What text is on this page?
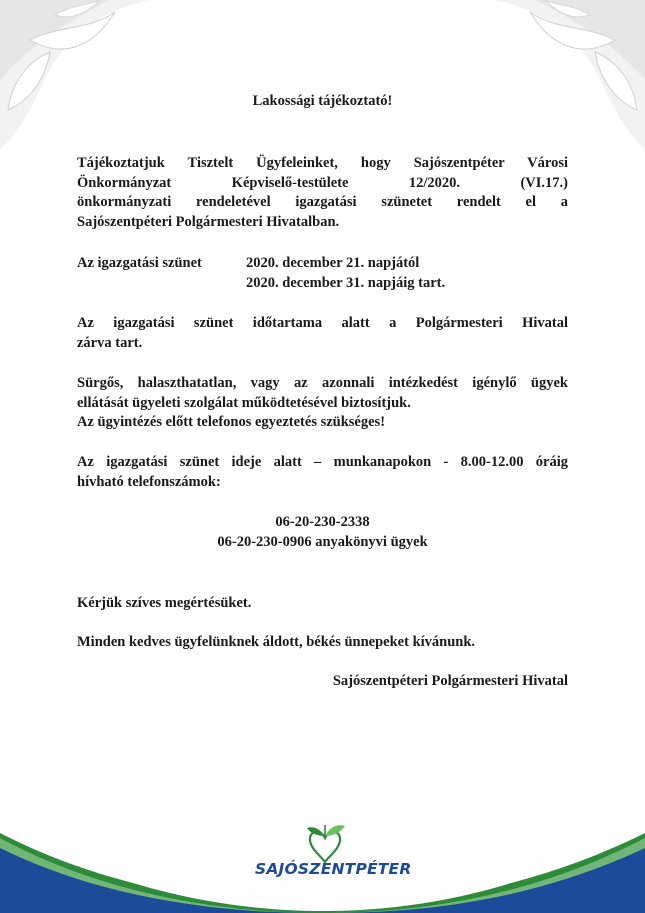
Lakossági tájékoztató!
Tájékoztatjuk Tisztelt Ügyfeleinket, hogy Sajószentpéter Városi
Önkormányzat Képviselő-testülete 12/2020. (VI.17.)
önkormányzati rendeletével igazgatási szünetet rendelt el a
Sajószentpéteri Polgármesteri Hivatalban.
Az igazgatási szünet	2020. december 21. napjától
2020. december 31. napjáig tart.
Az igazgatási szünet időtartama alatt a Polgármesteri Hivatal
zárva tart.
Sürgős, halaszthatatlan, vagy az azonnali intézkedést igénylő ügyek
ellátását ügyeleti szolgálat működtetésével biztosítjuk.
Az ügyintézés előtt telefonos egyeztetés szükséges!
Az igazgatási szünet ideje alatt – munkanapokon - 8.00-12.00 óráig
hívható telefonszámok:
06-20-230-2338
06-20-230-0906 anyakönyvi ügyek
Kérjük szíves megértésüket.
Minden kedves ügyfelünknek áldott, békés ünnepeket kívánunk.
Sajószentpéteri Polgármesteri Hivatal
SAJÓSZENTPÉTER
